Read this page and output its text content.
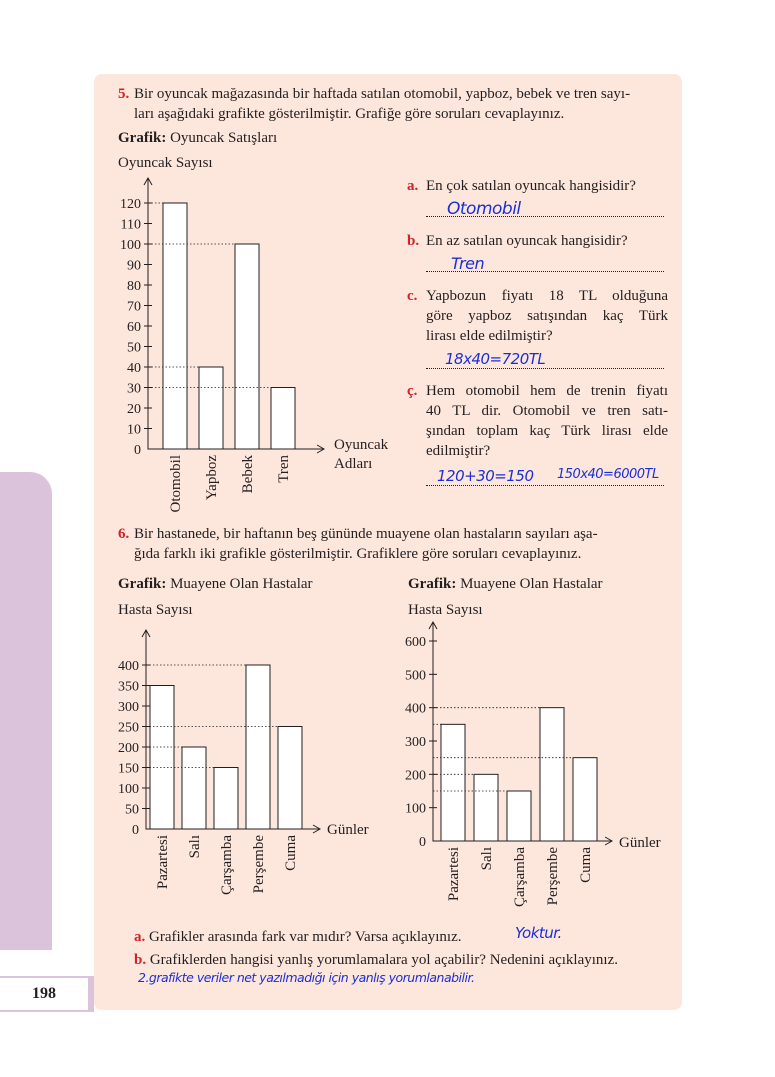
198
5. Bir oyuncak mağazasında bir haftada satılan otomobil, yapboz, bebek ve tren sayı-
ları aşağıdaki grafikte gösterilmiştir. Grafiğe göre soruları cevaplayınız.
Grafik: Oyuncak Satışları
0
10
20
30
40
50
60
70
80
90
100
110
120
Otomobil Yapboz Bebek Tren
Oyuncak Sayısı
Oyuncak
Adları
a. En çok satılan oyuncak hangisidir?
Otomobil
b. En az satılan oyuncak hangisidir?
Tren
c. Yapbozun fiyatı 18 TL olduğuna
göre yapboz satışından kaç Türk
lirası elde edilmiştir?
18x40=720TL
ç. Hem otomobil hem de trenin fiyatı
40 TL dir. Otomobil ve tren satı-
şından toplam kaç Türk lirası elde
edilmiştir?
120+30=150 150x40=6000TL
6. Bir hastanede, bir haftanın beş gününde muayene olan hastaların sayıları aşa-
ğıda farklı iki grafikle gösterilmiştir. Grafiklere göre soruları cevaplayınız.
Grafik: Muayene Olan Hastalar	Grafik: Muayene Olan Hastalar
0
50
100
150
200
250
300
350
400
Pazartesi Salı Çarşamba Perşembe Cuma
Hasta Sayısı
Günler
0
100
200
300
400
500
600
Pazartesi Salı Çarşamba Perşembe Cuma
Hasta Sayısı
Günler
a. Grafikler arasında fark var mıdır? Varsa açıklayınız.	Yoktur.
b. Grafiklerden hangisi yanlış yorumlamalara yol açabilir? Nedenini açıklayınız.
2.grafikte veriler net yazılmadığı için yanlış yorumlanabilir.
